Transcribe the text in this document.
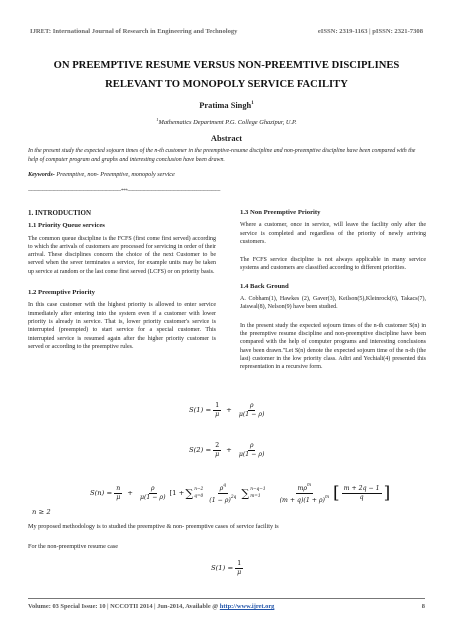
IJRET: International Journal of Research in Engineering and Technology	eISSN: 2319-1163 | pISSN: 2321-7308
ON PREEMPTIVE RESUME VERSUS NON-PREEMTIVE DISCIPLINES
RELEVANT TO MONOPOLY SERVICE FACILITY
Pratima Singh$^1$
$^1$Mathematics Department P.G. College Ghazipur, U.P.
Abstract
In the present study the expected sojourn times of the n-th customer in the preemptive-resume discipline and non-preemptive discipline have been compared with the help of computer program and graphs and interesting conclusion have been drawn.
Keywords- Preemptive, non- Preemptive, monopoly service
--------------------------------------------------------------------***--------------------------------------------------------------------
1. INTRODUCTION
1.1 Priority Queue services

The common queue discipline is the FCFS (first come first served) according to which the arrivals of customers are processed for servicing in order of their arrival. These disciplines concern the choice of the next Customer to be served when the sever terminates a service, for example units may be taken up service at random or the last come first served (LCFS) or on priority basis.

1.2 Preemptive Priority

In this case customer with the highest priority is allowed to enter service immediately after entering into the system even if a customer with lower priority is already in service. That is, lower priority customer's service is interrupted (preempted) to start service for a special customer. This interrupted service is resumed again after the higher priority customer is served or according to the preemptive rules.

1.3 Non Preemptive Priority

Where a customer, once in service, will leave the facility only after the service is completed and regardless of the priority of newly arriving customers.

The FCFS service discipline is not always applicable in many service systems and customers are classified according to different priorities.

1.4 Back Ground

A. Cobham(1), Hawkes (2), Gaver(3), Keilson(5),Kleinrock(6), Takacs(7), Jaiswal(8), Nelson(9) have been studied.

In the present study the expected sojourn times of the n-th customer S(n) in the preemptive resume discipline and non-preemptive discipline have been compared with the help of computer programs and interesting conclusions have been drawn."Let S(n) denote the expected sojourn time of the n-th (the last) customer in the low priority class. Adiri and Yechiali(4) presented this representation in a recursive form.

$S(1) = \frac{1}{\mu} + \frac{\rho}{\mu(1 - \rho)}$
$S(2) = \frac{2}{\mu} + \frac{\rho}{\mu(1 - \rho)}$
$S(n) = \frac{n}{\mu} + \frac{\rho}{\mu(1 - \rho)} [1$ + ∑ n−2
$q=0 \frac{\rho^q}{(1 - \rho)^{2q}}$ ∑ n−q−1
m=1	$\frac{m\rho^m}{(m + q)(1 + \rho)^m}$ [ $\frac{m + 2q - 1}{q}$ ]
n ≥ 2
My proposed methodology is to studied the preemptive & non- preemptive cases of service facility is
For the non-preemptive resume case
$S(1) = \frac{1}{\mu}$
Volume: 03 Special Issue: 10 | NCCOTII 2014 | Jun-2014, Available @ http://www.ijret.org	8
